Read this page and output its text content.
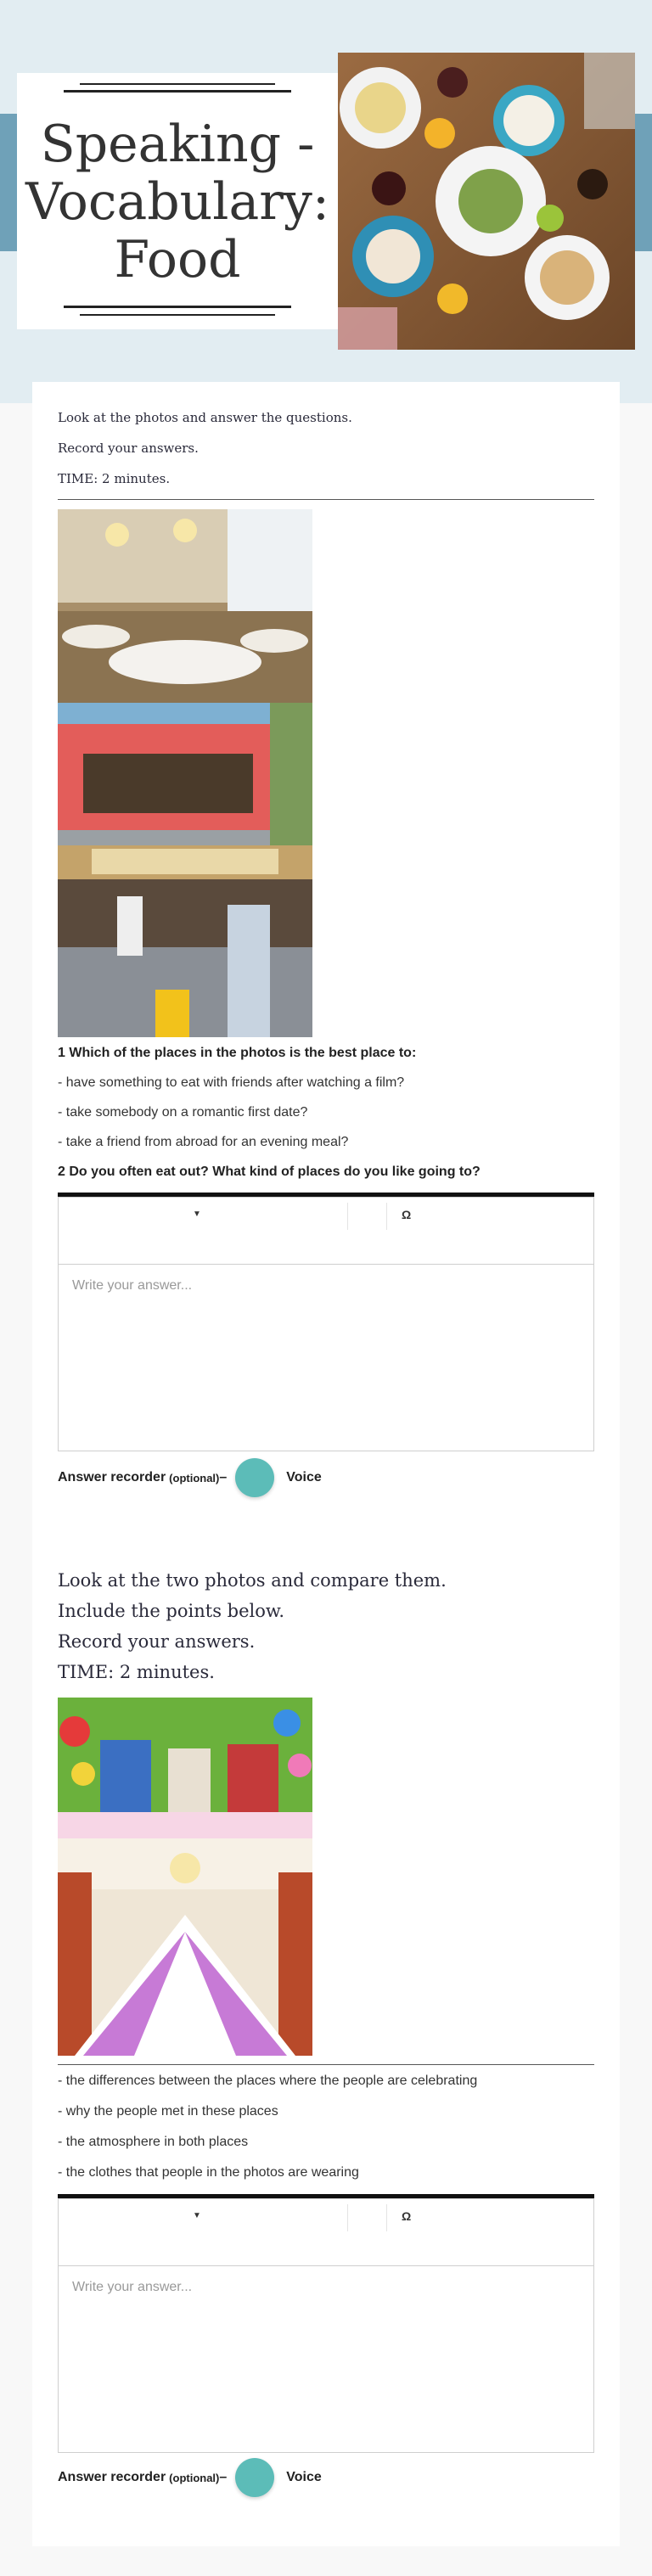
Speaking -
Vocabulary:
Food
Look at the photos and answer the questions.
Record your answers.
TIME: 2 minutes.
1 Which of the places in the photos is the best place to:
- have something to eat with friends after watching a film?
- take somebody on a romantic first date?
- take a friend from abroad for an evening meal?
2 Do you often eat out? What kind of places do you like going to?
▼	Ω
Write your answer...
Answer recorder (optional) –	Voice
Look at the two photos and compare them.
Include the points below.
Record your answers.
TIME: 2 minutes.
- the differences between the places where the people are celebrating
- why the people met in these places
- the atmosphere in both places
- the clothes that people in the photos are wearing
▼	Ω
Write your answer...
Answer recorder (optional) –	Voice
